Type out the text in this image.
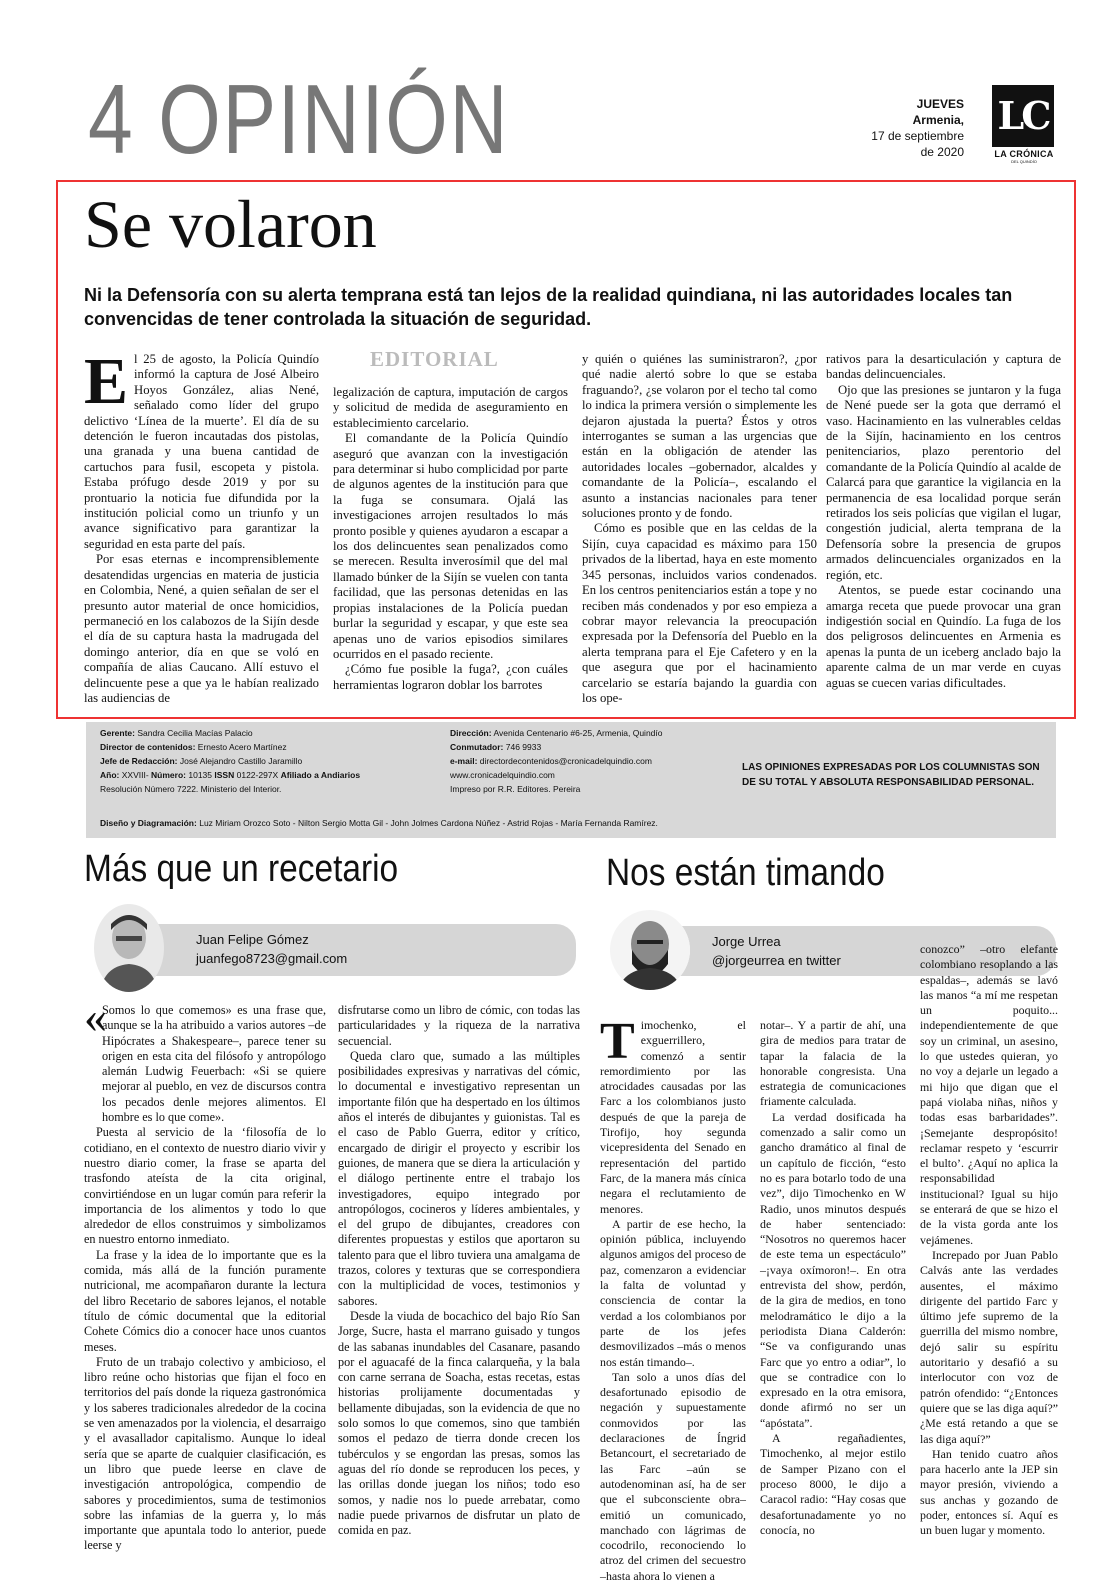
4 OPINIÓN	JUEVES
Armenia,
17 de septiembre
de 2020
LC
LA CRÓNICA
DEL QUINDÍO
Se volaron
Ni la Defensoría con su alerta temprana está tan lejos de la realidad quindiana, ni las autoridades locales tan convencidas de tener controlada la situación de seguridad.
EDITORIAL

El 25 de agosto, la Policía Quindío informó la captura de José Albeiro Hoyos González, alias Nené, señalado como líder del grupo delictivo ‘Línea de la muerte’. El día de su detención le fueron incautadas dos pistolas, una granada y una buena cantidad de cartuchos para fusil, escopeta y pistola. Estaba prófugo desde 2019 y por su prontuario la noticia fue difundida por la institución policial como un triunfo y un avance significativo para garantizar la seguridad en esta parte del país.

Por esas eternas e incomprensiblemente desatendidas urgencias en materia de justicia en Colombia, Nené, a quien señalan de ser el presunto autor material de once homicidios, permaneció en los calabozos de la Sijín desde el día de su captura hasta la madrugada del domingo anterior, día en que se voló en compañía de alias Caucano. Allí estuvo el delincuente pese a que ya le habían realizado las audiencias de

legalización de captura, imputación de cargos y solicitud de medida de aseguramiento en establecimiento carcelario.

El comandante de la Policía Quindío aseguró que avanzan con la investigación para determinar si hubo complicidad por parte de algunos agentes de la institución para que la fuga se consumara. Ojalá las investigaciones arrojen resultados lo más pronto posible y quienes ayudaron a escapar a los dos delincuentes sean penalizados como se merecen. Resulta inverosímil que del mal llamado búnker de la Sijín se vuelen con tanta facilidad, que las personas detenidas en las propias instalaciones de la Policía puedan burlar la seguridad y escapar, y que este sea apenas uno de varios episodios similares ocurridos en el pasado reciente.

¿Cómo fue posible la fuga?, ¿con cuáles herramientas lograron doblar los barrotes

y quién o quiénes las suministraron?, ¿por qué nadie alertó sobre lo que se estaba fraguando?, ¿se volaron por el techo tal como lo indica la primera versión o simplemente les dejaron ajustada la puerta? Éstos y otros interrogantes se suman a las urgencias que están en la obligación de atender las autoridades locales –gobernador, alcaldes y comandante de la Policía–, escalando el asunto a instancias nacionales para tener soluciones pronto y de fondo.

Cómo es posible que en las celdas de la Sijín, cuya capacidad es máximo para 150 privados de la libertad, haya en este momento 345 personas, incluidos varios condenados. En los centros penitenciarios están a tope y no reciben más condenados y por eso empieza a cobrar mayor relevancia la preocupación expresada por la Defensoría del Pueblo en la alerta temprana para el Eje Cafetero y en la que asegura que por el hacinamiento carcelario se estaría bajando la guardia con los ope-

rativos para la desarticulación y captura de bandas delincuenciales.

Ojo que las presiones se juntaron y la fuga de Nené puede ser la gota que derramó el vaso. Hacinamiento en las vulnerables celdas de la Sijín, hacinamiento en los centros penitenciarios, plazo perentorio del comandante de la Policía Quindío al acalde de Calarcá para que garantice la vigilancia en la permanencia de esa localidad porque serán retirados los seis policías que vigilan el lugar, congestión judicial, alerta temprana de la Defensoría sobre la presencia de grupos armados delincuenciales organizados en la región, etc.

Atentos, se puede estar cocinando una amarga receta que puede provocar una gran indigestión social en Quindío. La fuga de los dos peligrosos delincuentes en Armenia es apenas la punta de un iceberg anclado bajo la aparente calma de un mar verde en cuyas aguas se cuecen varias dificultades.

Gerente: Sandra Cecilia Macías Palacio
Director de contenidos: Ernesto Acero Martínez
Jefe de Redacción: José Alejandro Castillo Jaramillo
Año: XXVIII- Número: 10135 ISSN 0122-297X Afiliado a Andiarios
Resolución Número 7222. Ministerio del Interior.
Dirección: Avenida Centenario #6-25, Armenia, Quindío
Conmutador: 746 9933
e-mail: directordecontenidos@cronicadelquindio.com
www.cronicadelquindio.com
Impreso por R.R. Editores. Pereira
Diseño y Diagramación: Luz Miriam Orozco Soto - Nilton Sergio Motta Gil - John Jolmes Cardona Núñez - Astrid Rojas - María Fernanda Ramírez.
LAS OPINIONES EXPRESADAS POR LOS COLUMNISTAS SON DE SU TOTAL Y ABSOLUTA RESPONSABILIDAD PERSONAL.
Más que un recetario
Juan Felipe Gómez
juanfego8723@gmail.com
«

Somos lo que comemos» es una frase que, aunque se la ha atribuido a varios autores –de Hipócrates a Shakespeare–, parece tener su origen en esta cita del filósofo y antropólogo alemán Ludwig Feuerbach: «Si se quiere mejorar al pueblo, en vez de discursos contra los pecados denle mejores alimentos. El hombre es lo que come».

Puesta al servicio de la ‘filosofía de lo cotidiano, en el contexto de nuestro diario vivir y nuestro diario comer, la frase se aparta del trasfondo ateísta de la cita original, convirtiéndose en un lugar común para referir la importancia de los alimentos y todo lo que alrededor de ellos construimos y simbolizamos en nuestro entorno inmediato.

La frase y la idea de lo importante que es la comida, más allá de la función puramente nutricional, me acompañaron durante la lectura del libro Recetario de sabores lejanos, el notable título de cómic documental que la editorial Cohete Cómics dio a conocer hace unos cuantos meses.

Fruto de un trabajo colectivo y ambicioso, el libro reúne ocho historias que fijan el foco en territorios del país donde la riqueza gastronómica y los saberes tradicionales alrededor de la cocina se ven amenazados por la violencia, el desarraigo y el avasallador capitalismo. Aunque lo ideal sería que se aparte de cualquier clasificación, es un libro que puede leerse en clave de investigación antropológica, compendio de sabores y procedimientos, suma de testimonios sobre las infamias de la guerra y, lo más importante que apuntala todo lo anterior, puede leerse y

disfrutarse como un libro de cómic, con todas las particularidades y la riqueza de la narrativa secuencial.

Queda claro que, sumado a las múltiples posibilidades expresivas y narrativas del cómic, lo documental e investigativo representan un importante filón que ha despertado en los últimos años el interés de dibujantes y guionistas. Tal es el caso de Pablo Guerra, editor y crítico, encargado de dirigir el proyecto y escribir los guiones, de manera que se diera la articulación y el diálogo pertinente entre el trabajo los investigadores, equipo integrado por antropólogos, cocineros y líderes ambientales, y el del grupo de dibujantes, creadores con diferentes propuestas y estilos que aportaron su talento para que el libro tuviera una amalgama de trazos, colores y texturas que se correspondiera con la multiplicidad de voces, testimonios y sabores.

Desde la viuda de bocachico del bajo Río San Jorge, Sucre, hasta el marrano guisado y tungos de las sabanas inundables del Casanare, pasando por el aguacafé de la finca calarqueña, y la bala con carne serrana de Soacha, estas recetas, estas historias prolijamente documentadas y bellamente dibujadas, son la evidencia de que no solo somos lo que comemos, sino que también somos el pedazo de tierra donde crecen los tubérculos y se engordan las presas, somos las aguas del río donde se reproducen los peces, y las orillas donde juegan los niños; todo eso somos, y nadie nos lo puede arrebatar, como nadie puede privarnos de disfrutar un plato de comida en paz.

Nos están timando
Jorge Urrea
@jorgeurrea en twitter

Timochenko, el exguerrillero, comenzó a sentir remordimiento por las atrocidades causadas por las Farc a los colombianos justo después de que la pareja de Tirofijo, hoy segunda vicepresidenta del Senado en representación del partido Farc, de la manera más cínica negara el reclutamiento de menores.

A partir de ese hecho, la opinión pública, incluyendo algunos amigos del proceso de paz, comenzaron a evidenciar la falta de voluntad y consciencia de contar la verdad a los colombianos por parte de los jefes desmovilizados –más o menos nos están timando–.

Tan solo a unos días del desafortunado episodio de negación y supuestamente conmovidos por las declaraciones de Íngrid Betancourt, el secretariado de las Farc –aún se autodenominan así, ha de ser que el subconsciente obra– emitió un comunicado, manchado con lágrimas de cocodrilo, reconociendo lo atroz del crimen del secuestro –hasta ahora lo vienen a

notar–. Y a partir de ahí, una gira de medios para tratar de tapar la falacia de la honorable congresista. Una estrategia de comunicaciones friamente calculada.

La verdad dosificada ha comenzado a salir como un gancho dramático al final de un capítulo de ficción, “esto no es para botarlo todo de una vez”, dijo Timochenko en W Radio, unos minutos después de haber sentenciado: “Nosotros no queremos hacer de este tema un espectáculo” –¡vaya oxímoron!–. En otra entrevista del show, perdón, de la gira de medios, en tono melodramático le dijo a la periodista Diana Calderón: “Se va configurando unas Farc que yo entro a odiar”, lo que se contradice con lo expresado en la otra emisora, donde afirmó no ser un “apóstata”.

A regañadientes, Timochenko, al mejor estilo de Samper Pizano con el proceso 8000, le dijo a Caracol radio: “Hay cosas que desafortunadamente yo no conocía, no

conozco” –otro elefante colombiano resoplando a las espaldas–, además se lavó las manos “a mí me respetan un poquito... independientemente de que soy un criminal, un asesino, lo que ustedes quieran, yo no voy a dejarle un legado a mi hijo que digan que el papá violaba niñas, niños y todas esas barbaridades”. ¡Semejante despropósito! reclamar respeto y ‘escurrir el bulto’. ¿Aquí no aplica la responsabilidad institucional? Igual su hijo se enterará de que se hizo el de la vista gorda ante los vejámenes.

Increpado por Juan Pablo Calvás ante las verdades ausentes, el máximo dirigente del partido Farc y último jefe supremo de la guerrilla del mismo nombre, dejó salir su espíritu autoritario y desafió a su interlocutor con voz de patrón ofendido: “¿Entonces quiere que se las diga aquí?” ¿Me está retando a que se las diga aquí?”

Han tenido cuatro años para hacerlo ante la JEP sin mayor presión, viviendo a sus anchas y gozando de poder, entonces sí. Aquí es un buen lugar y momento.
